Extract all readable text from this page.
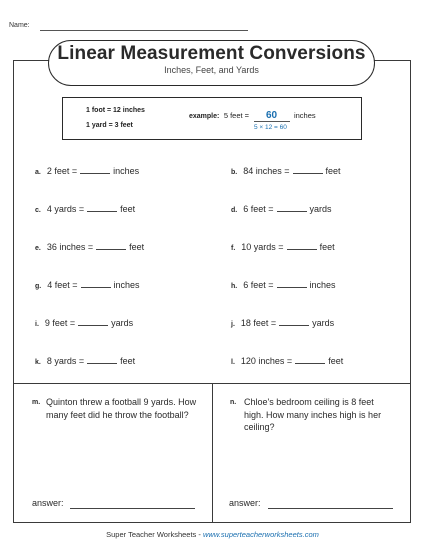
Name:
Linear Measurement Conversions
Inches, Feet, and Yards
1 foot = 12 inches
1 yard = 3 feet
example: 5 feet = 60 inches
5 × 12 = 60
a. 2 feet =	inches	b. 84 inches =	feet
c. 4 yards =	feet	d. 6 feet =	yards
e. 36 inches =	feet	f. 10 yards =	feet
g. 4 feet =	inches	h. 6 feet =	inches
i. 9 feet =	yards	j. 18 feet =	yards
k. 8 yards =	feet	l. 120 inches =	feet
m. Quinton threw a football 9 yards. How many feet did he throw the football?
answer:
n. Chloe's bedroom ceiling is 8 feet high. How many inches high is her ceiling?
answer:
Super Teacher Worksheets - www.superteacherworksheets.com
